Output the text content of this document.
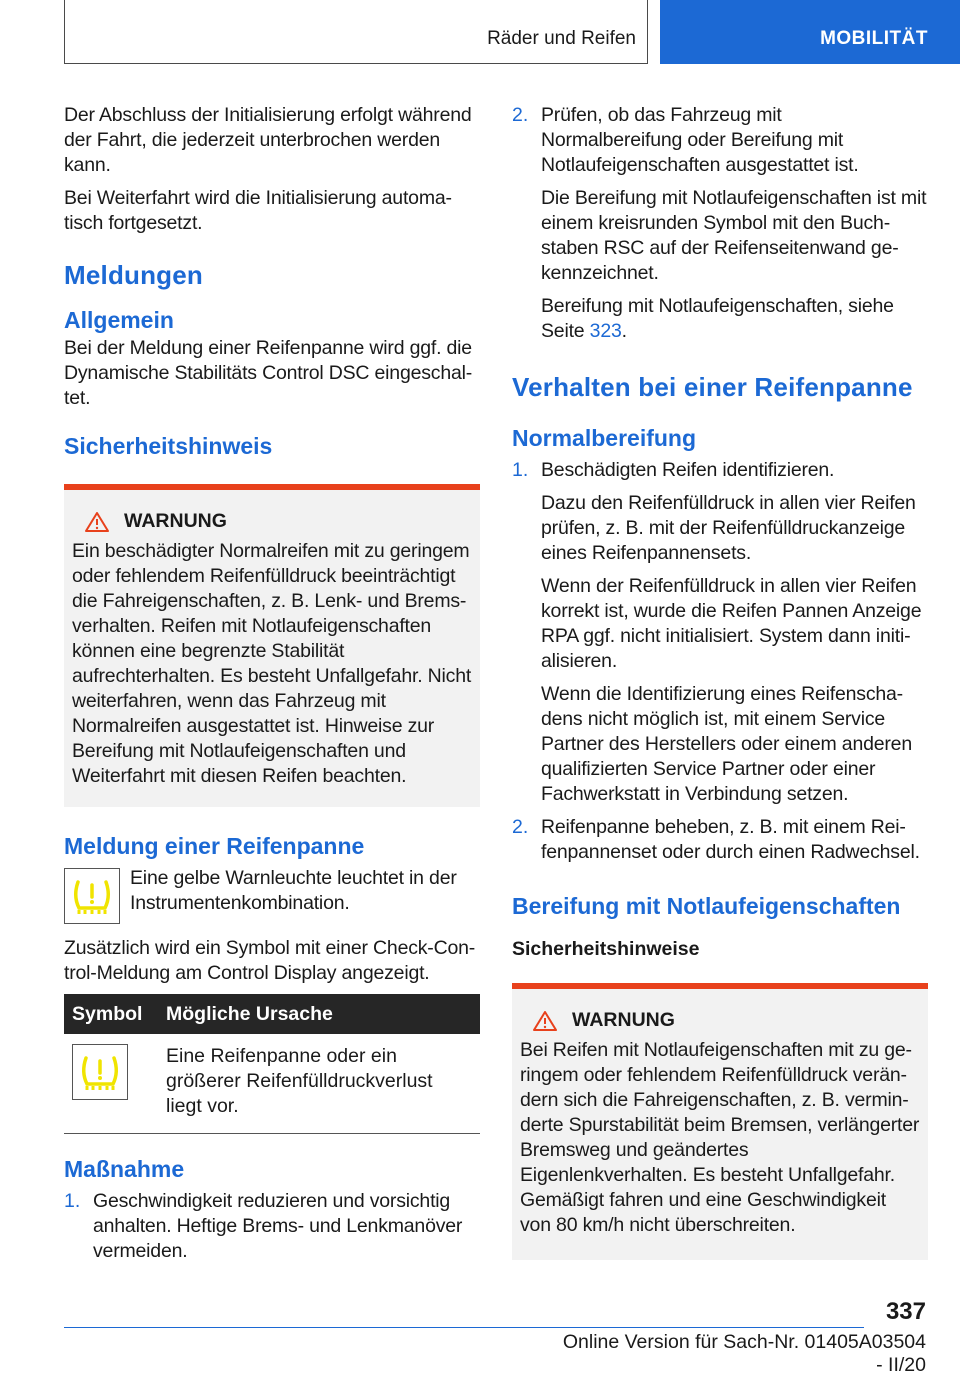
Räder und Reifen	MOBILITÄT

Der Abschluss der Initialisierung erfolgt während der Fahrt, die jederzeit unterbrochen werden kann.

Bei Weiterfahrt wird die Initialisierung automatisch fortgesetzt.

Meldungen
Allgemein

Bei der Meldung einer Reifenpanne wird ggf. die Dynamische Stabilitäts Control DSC eingeschaltet.

Sicherheitshinweis
WARNUNG

Ein beschädigter Normalreifen mit zu geringem oder fehlendem Reifenfülldruck beeinträchtigt die Fahreigenschaften, z. B. Lenk- und Bremsverhalten. Reifen mit Notlaufeigenschaften können eine begrenzte Stabilität aufrechterhalten. Es besteht Unfallgefahr. Nicht weiterfahren, wenn das Fahrzeug mit Normalreifen ausgestattet ist. Hinweise zur Bereifung mit Notlaufeigenschaften und Weiterfahrt mit diesen Reifen beachten.

Meldung einer Reifenpanne

Eine gelbe Warnleuchte leuchtet in der Instrumentenkombination.

Zusätzlich wird ein Symbol mit einer Check-Control-Meldung am Control Display angezeigt.

Symbol	Mögliche Ursache

	Eine Reifenpanne oder ein größerer Reifenfülldruckverlust liegt vor.
Maßnahme
1. Geschwindigkeit reduzieren und vorsichtig anhalten. Heftige Brems- und Lenkmanöver vermeiden.

2. Prüfen, ob das Fahrzeug mit Normalbereifung oder Bereifung mit Notlaufeigenschaften ausgestattet ist.

Die Bereifung mit Notlaufeigenschaften ist mit einem kreisrunden Symbol mit den Buchstaben RSC auf der Reifenseitenwand gekennzeichnet.

Bereifung mit Notlaufeigenschaften, siehe Seite 323.

Verhalten bei einer Reifenpanne
Normalbereifung
1. Beschädigten Reifen identifizieren.

Dazu den Reifenfülldruck in allen vier Reifen prüfen, z. B. mit der Reifenfülldruckanzeige eines Reifenpannensets.

Wenn der Reifenfülldruck in allen vier Reifen korrekt ist, wurde die Reifen Pannen Anzeige RPA ggf. nicht initialisiert. System dann initialisieren.

Wenn die Identifizierung eines Reifenschadens nicht möglich ist, mit einem Service Partner des Herstellers oder einem anderen qualifizierten Service Partner oder einer Fachwerkstatt in Verbindung setzen.

2. Reifenpanne beheben, z. B. mit einem Reifenpannenset oder durch einen Radwechsel.

Bereifung mit Notlaufeigenschaften
Sicherheitshinweise
WARNUNG

Bei Reifen mit Notlaufeigenschaften mit zu geringem oder fehlendem Reifenfülldruck verändern sich die Fahreigenschaften, z. B. verminderte Spurstabilität beim Bremsen, verlängerter Bremsweg und geändertes Eigenlenkverhalten. Es besteht Unfallgefahr. Gemäßigt fahren und eine Geschwindigkeit von 80 km/h nicht überschreiten.

337
Online Version für Sach-Nr. 01405A03504 - II/20
